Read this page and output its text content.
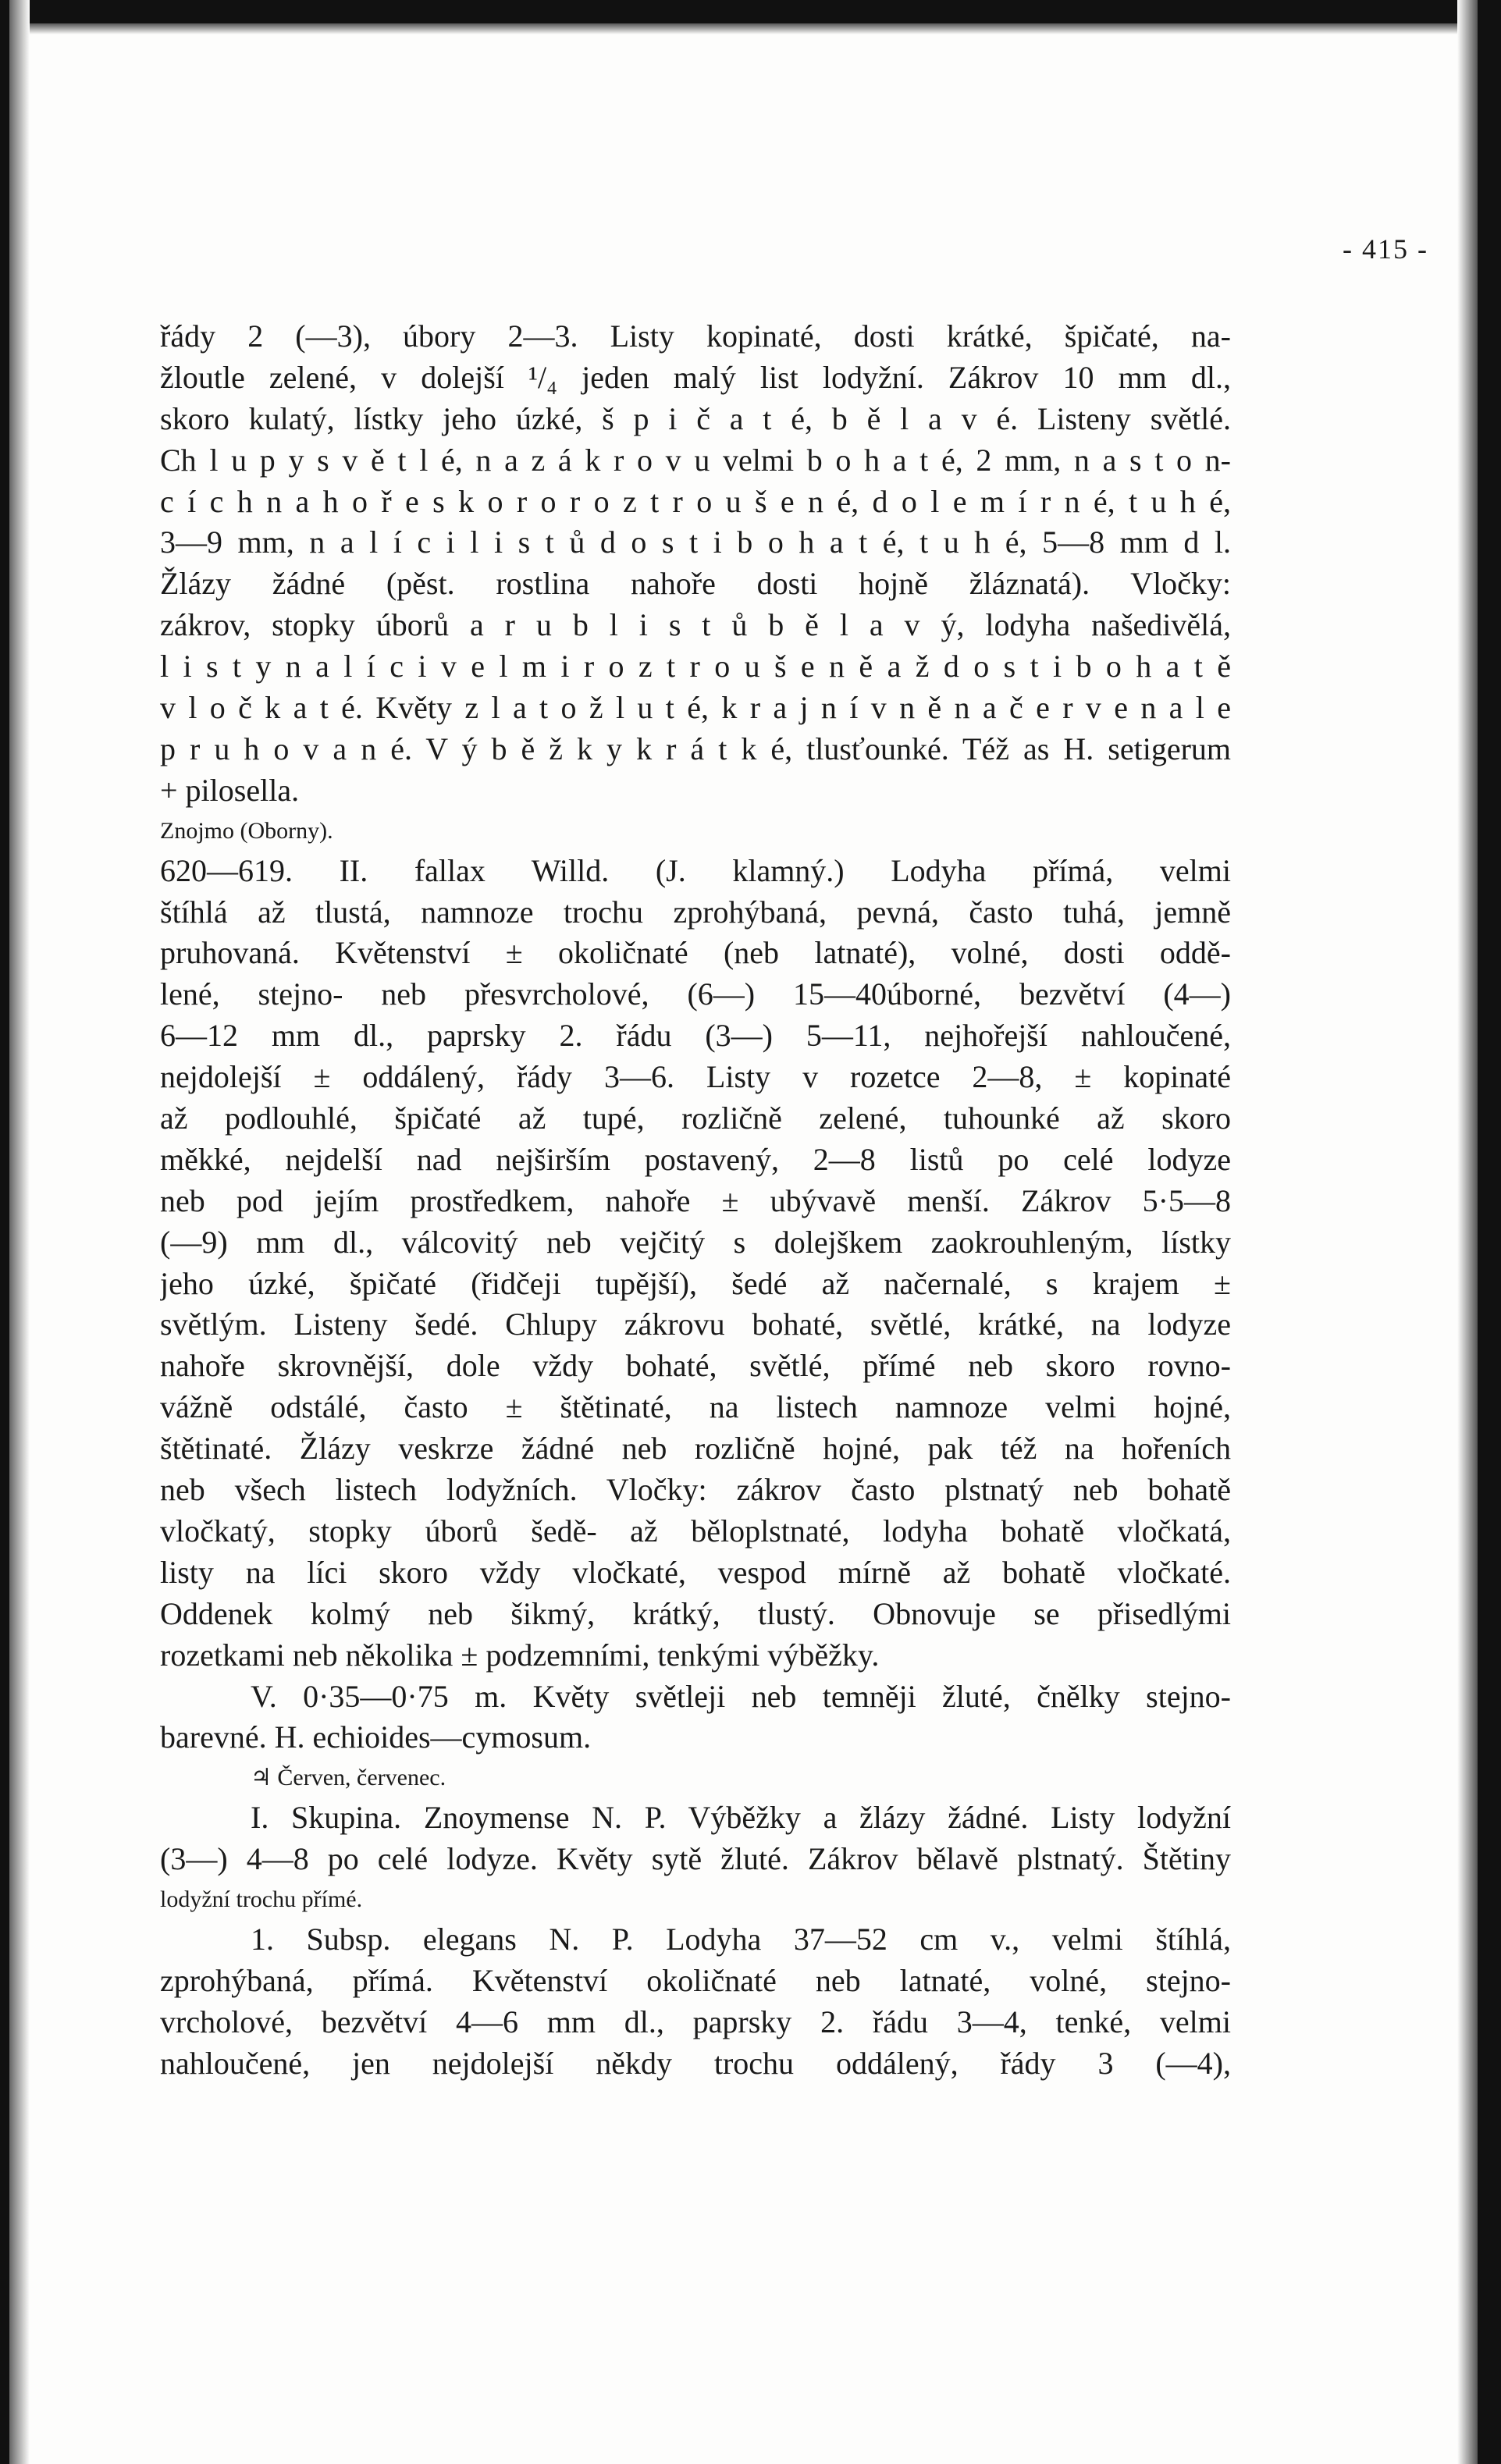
- 415 -
řády 2 (—3), úbory 2—3. Listy kopinaté, dosti krátké, špičaté, na-
žloutle zelené, v dolejší ¹/₄ jeden malý list lodyžní. Zákrov 10 mm dl.,
skoro kulatý, lístky jeho úzké, š p i č a t é, b ě l a v é. Listeny světlé.
Ch l u p y s v ě t l é, n a z á k r o v u velmi b o h a t é, 2 mm, n a s t o n-
c í c h n a h o ř e s k o r o r o z t r o u š e n é, d o l e m í r n é, t u h é,
3—9 mm, n a l í c i l i s t ů d o s t i b o h a t é, t u h é, 5—8 mm d l.
Žlázy žádné (pěst. rostlina nahoře dosti hojně žláznatá). Vločky:
zákrov, stopky úborů a r u b l i s t ů b ě l a v ý, lodyha našedivělá,
l i s t y n a l í c i v e l m i r o z t r o u š e n ě a ž d o s t i b o h a t ě
v l o č k a t é. Květy z l a t o ž l u t é, k r a j n í v n ě n a č e r v e n a l e
p r u h o v a n é. V ý b ě ž k y k r á t k é, tlusťounké. Též as H. setigerum
+ pilosella.
Znojmo (Oborny).
620—619. II. fallax Willd. (J. klamný.) Lodyha přímá, velmi
štíhlá až tlustá, namnoze trochu zprohýbaná, pevná, často tuhá, jemně
pruhovaná. Květenství ± okoličnaté (neb latnaté), volné, dosti oddě-
lené, stejno- neb přesvrcholové, (6—) 15—40úborné, bezvětví (4—)
6—12 mm dl., paprsky 2. řádu (3—) 5—11, nejhořejší nahloučené,
nejdolejší ± oddálený, řády 3—6. Listy v rozetce 2—8, ± kopinaté
až podlouhlé, špičaté až tupé, rozličně zelené, tuhounké až skoro
měkké, nejdelší nad nejširším postavený, 2—8 listů po celé lodyze
neb pod jejím prostředkem, nahoře ± ubývavě menší. Zákrov 5·5—8
(—9) mm dl., válcovitý neb vejčitý s dolejškem zaokrouhleným, lístky
jeho úzké, špičaté (řidčeji tupější), šedé až načernalé, s krajem ±
světlým. Listeny šedé. Chlupy zákrovu bohaté, světlé, krátké, na lodyze
nahoře skrovnější, dole vždy bohaté, světlé, přímé neb skoro rovno-
vážně odstálé, často ± štětinaté, na listech namnoze velmi hojné,
štětinaté. Žlázy veskrze žádné neb rozličně hojné, pak též na hořeních
neb všech listech lodyžních. Vločky: zákrov často plstnatý neb bohatě
vločkatý, stopky úborů šedě- až běloplstnaté, lodyha bohatě vločkatá,
listy na líci skoro vždy vločkaté, vespod mírně až bohatě vločkaté.
Oddenek kolmý neb šikmý, krátký, tlustý. Obnovuje se přisedlými
rozetkami neb několika ± podzemními, tenkými výběžky.
V. 0·35—0·75 m. Květy světleji neb temněji žluté, čnělky stejno-
barevné. H. echioides—cymosum.
♃ Červen, červenec.
I. Skupina. Znoymense N. P. Výběžky a žlázy žádné. Listy lodyžní
(3—) 4—8 po celé lodyze. Květy sytě žluté. Zákrov bělavě plstnatý. Štětiny
lodyžní trochu přímé.
1. Subsp. elegans N. P. Lodyha 37—52 cm v., velmi štíhlá,
zprohýbaná, přímá. Květenství okoličnaté neb latnaté, volné, stejno-
vrcholové, bezvětví 4—6 mm dl., paprsky 2. řádu 3—4, tenké, velmi
nahloučené, jen nejdolejší někdy trochu oddálený, řády 3 (—4),
